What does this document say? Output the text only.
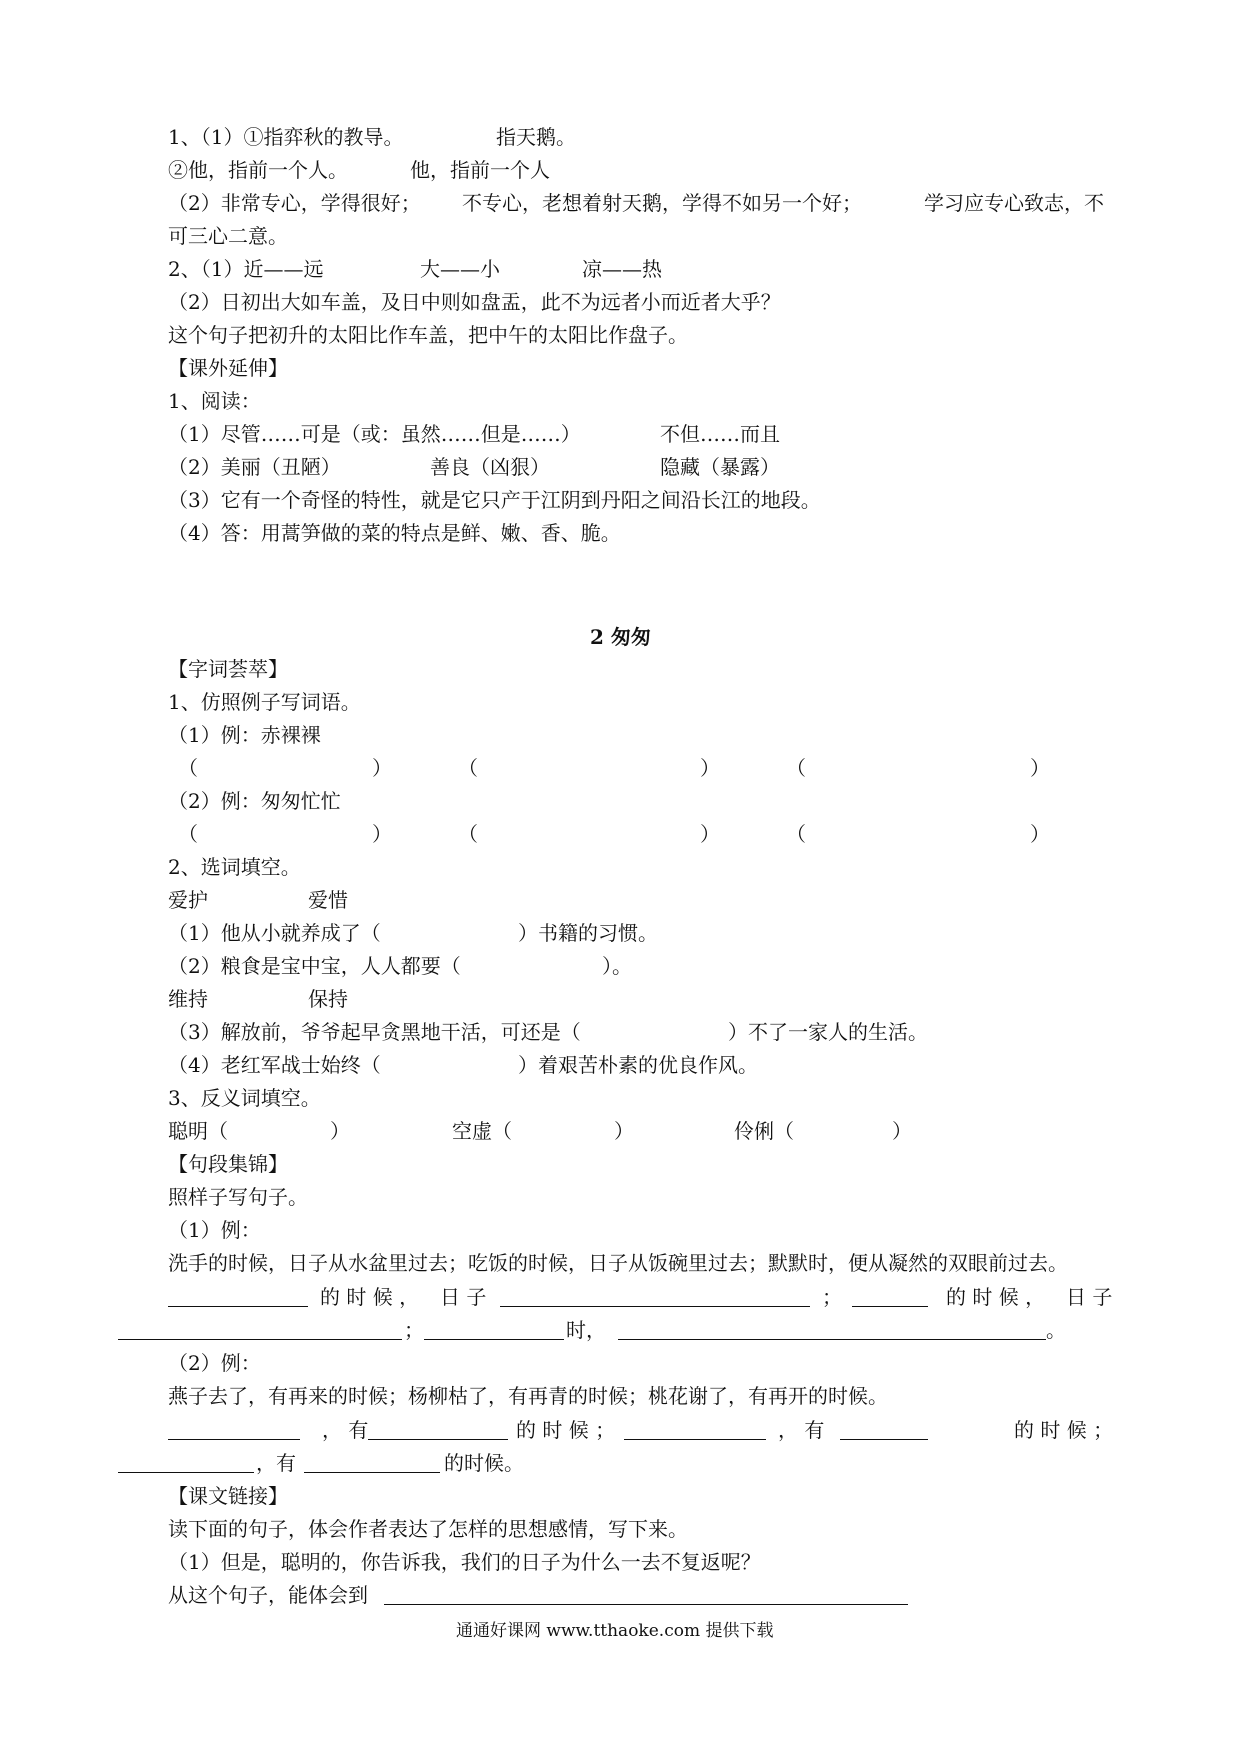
1、（1）①指弈秋的教导。	指天鹅。
②他，指前一个人。	他，指前一个人
（2）非常专心，学得很好； 不专心，老想着射天鹅，学得不如另一个好；	学习应专心致志，不
可三心二意。
2、（1）近——远	大——小	凉——热
（2）日初出大如车盖，及日中则如盘盂，此不为远者小而近者大乎？
这个句子把初升的太阳比作车盖，把中午的太阳比作盘子。
【课外延伸】
1、阅读：
（1）尽管……可是（或：虽然……但是……）	不但……而且
（2）美丽（丑陋）	善良（凶狠）	隐藏（暴露）
（3）它有一个奇怪的特性，就是它只产于江阴到丹阳之间沿长江的地段。
（4）答：用蒿笋做的菜的特点是鲜、嫩、香、脆。
2 匆匆
【字词荟萃】
1、仿照例子写词语。
（1）例：赤裸裸
（	）	（	）	（	）
（2）例：匆匆忙忙
（	）	（	）	（	）
2、选词填空。
爱护	爱惜
（1）他从小就养成了（	）书籍的习惯。
（2）粮食是宝中宝，人人都要（	）。
维持	保持
（3）解放前，爷爷起早贪黑地干活，可还是（	）不了一家人的生活。
（4）老红军战士始终（	）着艰苦朴素的优良作风。
3、反义词填空。
聪明（	）	空虚（	）	伶俐（	）
【句段集锦】
照样子写句子。
（1）例：
洗手的时候，日子从水盆里过去；吃饭的时候，日子从饭碗里过去；默默时，便从凝然的双眼前过去。
的 时 候 ， 日 子	；	的 时 候 ， 日 子
；	时，	。
（2）例：
燕子去了，有再来的时候；杨柳枯了，有再青的时候；桃花谢了，有再开的时候。
， 有	的 时 候 ；	， 有	的 时 候 ；
，有	的时候。
【课文链接】
读下面的句子，体会作者表达了怎样的思想感情，写下来。
（1）但是，聪明的，你告诉我，我们的日子为什么一去不复返呢？
从这个句子，能体会到
通通好课网 www.tthaoke.com 提供下载
